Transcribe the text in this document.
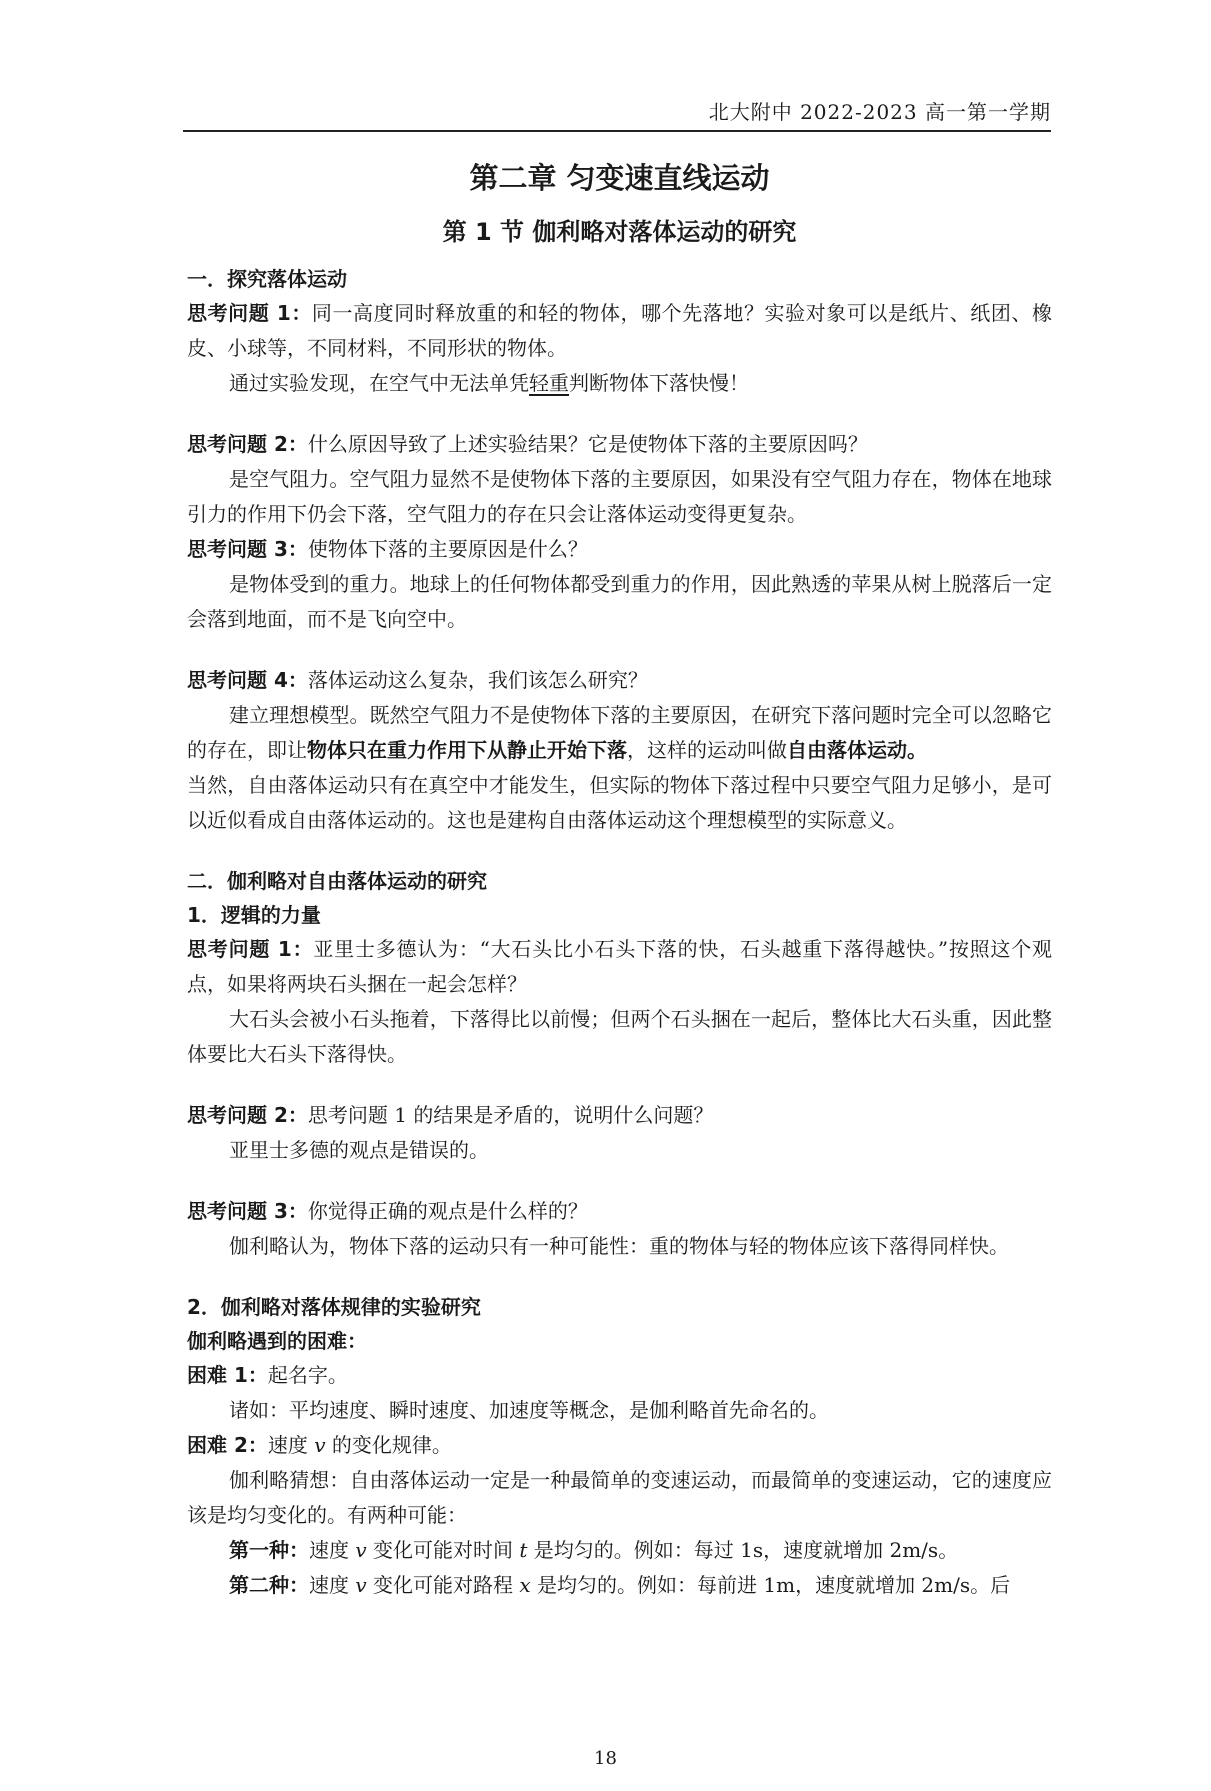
北大附中 2022-2023 高一第一学期
第二章 匀变速直线运动
第 1 节 伽利略对落体运动的研究
一．探究落体运动
思考问题 1：同一高度同时释放重的和轻的物体，哪个先落地？实验对象可以是纸片、纸团、橡皮、小球等，不同材料，不同形状的物体。
通过实验发现，在空气中无法单凭轻重判断物体下落快慢！
思考问题 2：什么原因导致了上述实验结果？它是使物体下落的主要原因吗？
是空气阻力。空气阻力显然不是使物体下落的主要原因，如果没有空气阻力存在，物体在地球引力的作用下仍会下落，空气阻力的存在只会让落体运动变得更复杂。
思考问题 3：使物体下落的主要原因是什么？
是物体受到的重力。地球上的任何物体都受到重力的作用，因此熟透的苹果从树上脱落后一定会落到地面，而不是飞向空中。
思考问题 4：落体运动这么复杂，我们该怎么研究？
建立理想模型。既然空气阻力不是使物体下落的主要原因，在研究下落问题时完全可以忽略它的存在，即让物体只在重力作用下从静止开始下落，这样的运动叫做自由落体运动。
当然，自由落体运动只有在真空中才能发生，但实际的物体下落过程中只要空气阻力足够小，是可以近似看成自由落体运动的。这也是建构自由落体运动这个理想模型的实际意义。
二．伽利略对自由落体运动的研究
1．逻辑的力量
思考问题 1：亚里士多德认为：“大石头比小石头下落的快，石头越重下落得越快。”按照这个观点，如果将两块石头捆在一起会怎样？
大石头会被小石头拖着，下落得比以前慢；但两个石头捆在一起后，整体比大石头重，因此整体要比大石头下落得快。
思考问题 2：思考问题 1 的结果是矛盾的，说明什么问题？
亚里士多德的观点是错误的。
思考问题 3：你觉得正确的观点是什么样的？
伽利略认为，物体下落的运动只有一种可能性：重的物体与轻的物体应该下落得同样快。
2．伽利略对落体规律的实验研究
伽利略遇到的困难：
困难 1：起名字。
诸如：平均速度、瞬时速度、加速度等概念，是伽利略首先命名的。
困难 2：速度 v 的变化规律。
伽利略猜想：自由落体运动一定是一种最简单的变速运动，而最简单的变速运动，它的速度应该是均匀变化的。有两种可能：
第一种：速度 v 变化可能对时间 t 是均匀的。例如：每过 1s，速度就增加 2m/s。
第二种：速度 v 变化可能对路程 x 是均匀的。例如：每前进 1m，速度就增加 2m/s。后
18
